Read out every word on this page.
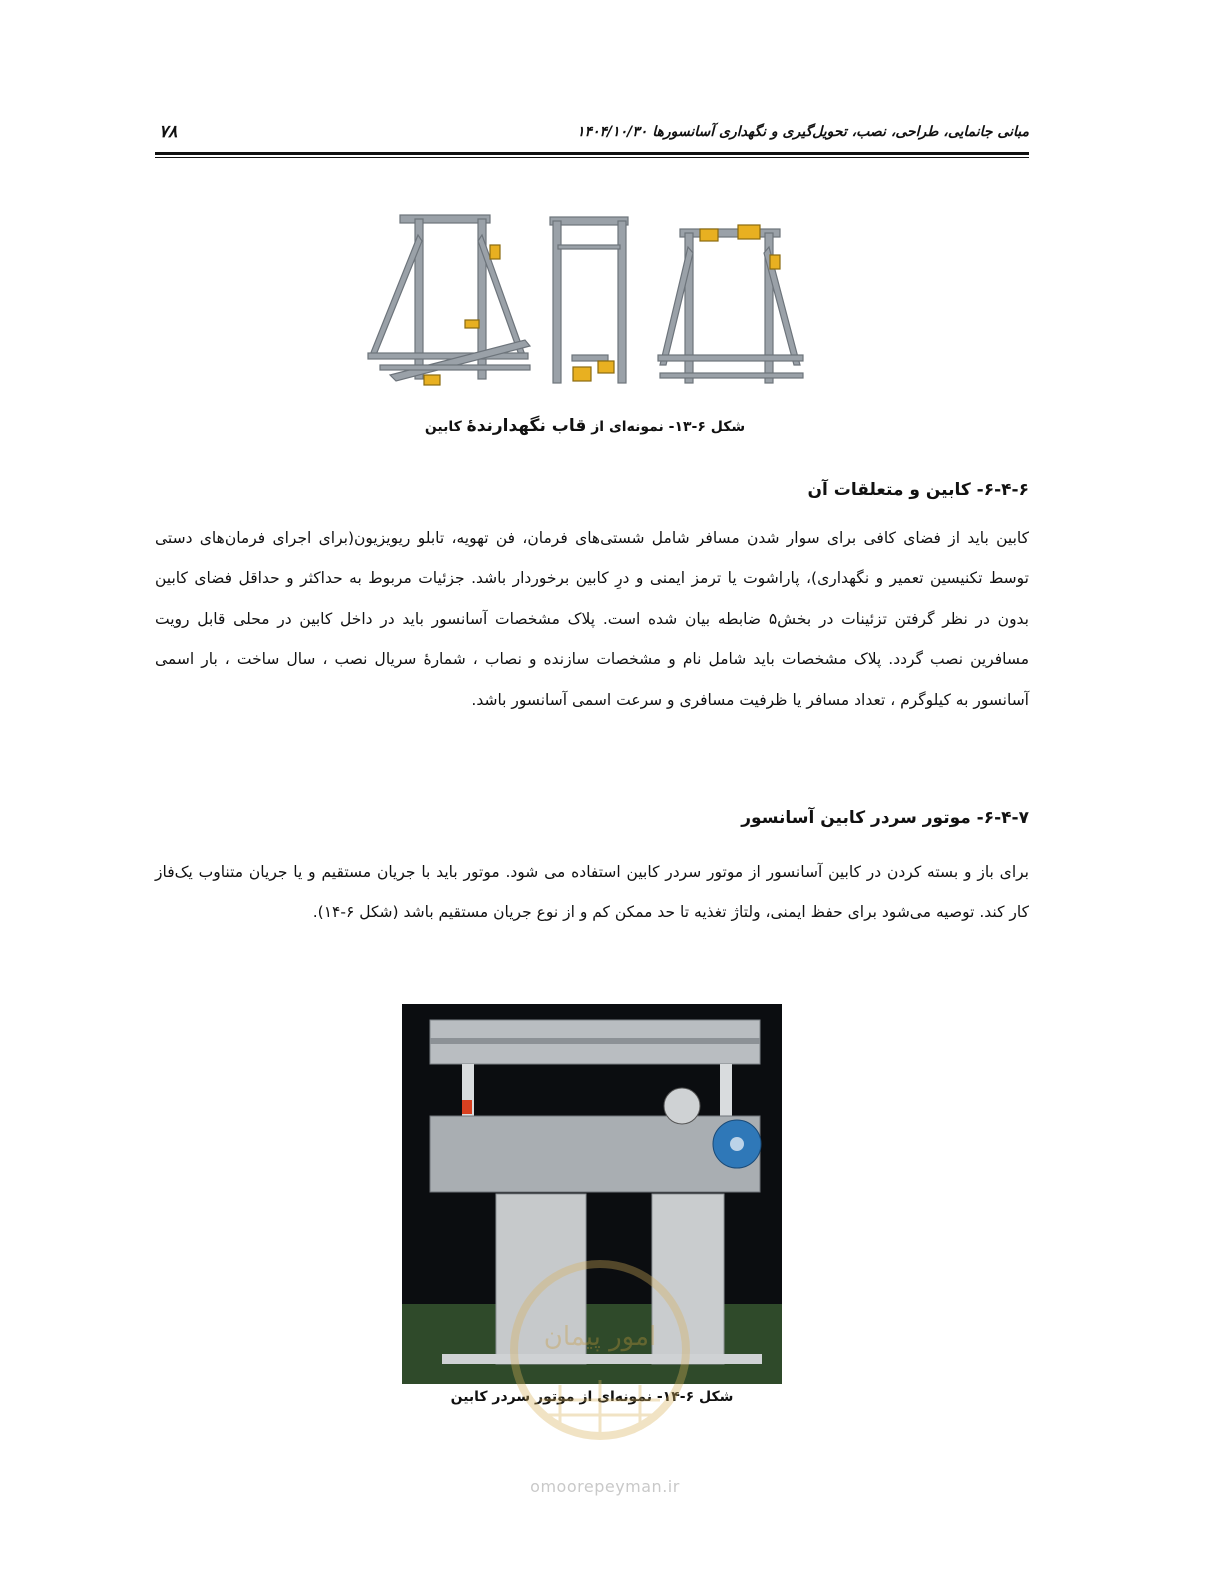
۷۸	مبانی جانمایی، طراحی، نصب، تحویل‌گیری و نگهداری آسانسورها ۱۴۰۴/۱۰/۳۰
شکل ۶-۱۳- نمونه‌ای از قاب نگهدارندهٔ کابین
۶-۴-۶- کابین و متعلقات آن

کابین باید از فضای کافی برای سوار شدن مسافر شامل شستی‌های فرمان، فن تهویه، تابلو ریویزیون(برای اجرای فرمان‌های دستی توسط تکنیسین تعمیر و نگهداری)، پاراشوت یا ترمز ایمنی و درِ کابین برخوردار باشد. جزئیات مربوط به حداکثر و حداقل فضای کابین بدون در نظر گرفتن تزئینات در بخش۵ ضابطه بیان شده است. پلاک مشخصات آسانسور باید در داخل کابین در محلی قابل رویت مسافرین نصب گردد. پلاک مشخصات باید شامل نام و مشخصات سازنده و نصاب ، شمارهٔ سریال نصب ، سال ساخت ، بار اسمی آسانسور به کیلوگرم ، تعداد مسافر یا ظرفیت مسافری و سرعت اسمی آسانسور باشد.

۶-۴-۷- موتور سردر کابین آسانسور

برای باز و بسته کردن در کابین آسانسور از موتور سردر کابین استفاده می شود. موتور باید با جریان مستقیم و یا جریان متناوب یک‌فاز کار کند. توصیه می‌شود برای حفظ ایمنی، ولتاژ تغذیه تا حد ممکن کم و از نوع جریان مستقیم باشد (شکل ۶-۱۴).

شکل ۶-۱۴- نمونه‌ای از موتور سردر کابین
امور پیمان
omoorepeyman.ir
